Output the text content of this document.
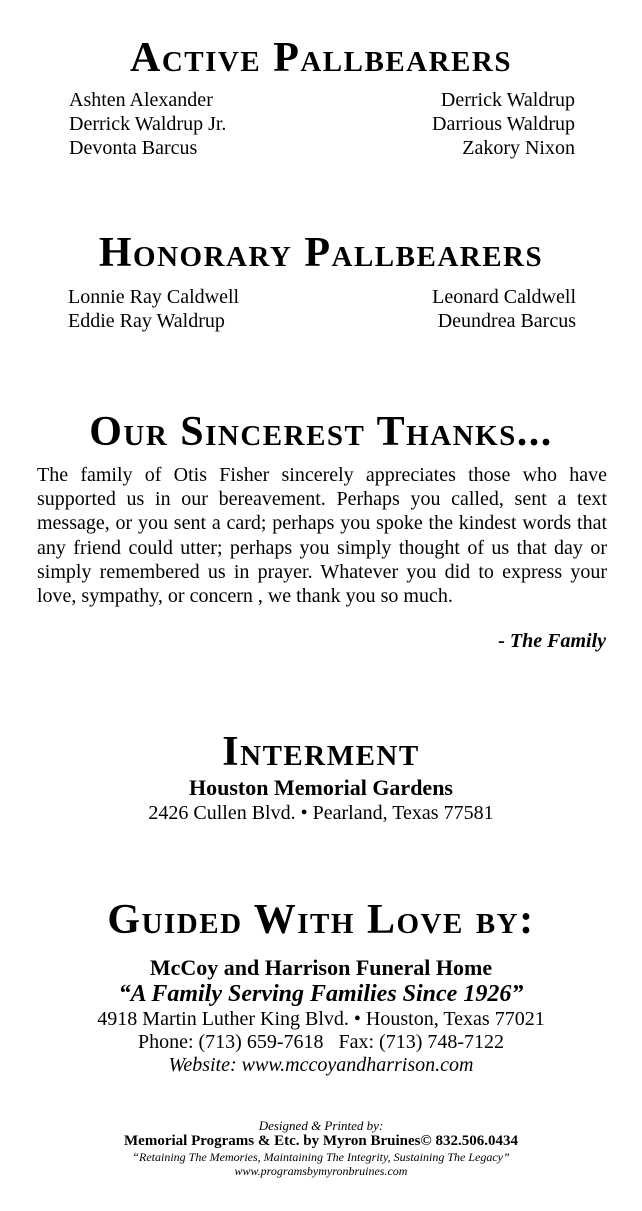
Active Pallbearers
Ashten Alexander
Derrick Waldrup Jr.
Devonta Barcus
Derrick Waldrup
Darrious Waldrup
Zakory Nixon
Honorary Pallbearers
Lonnie Ray Caldwell
Eddie Ray Waldrup
Leonard Caldwell
Deundrea Barcus
Our Sincerest Thanks...

The family of Otis Fisher sincerely appreciates those who have supported us in our bereavement. Perhaps you called, sent a text message, or you sent a card; perhaps you spoke the kindest words that any friend could utter; perhaps you simply thought of us that day or simply remembered us in prayer. Whatever you did to express your love, sympathy, or concern , we thank you so much.

- The Family
Interment

Houston Memorial Gardens

2426 Cullen Blvd. • Pearland, Texas 77581

Guided With Love by:

McCoy and Harrison Funeral Home

“A Family Serving Families Since 1926”

4918 Martin Luther King Blvd. • Houston, Texas 77021

Phone: (713) 659-7618   Fax: (713) 748-7122

Website: www.mccoyandharrison.com

Designed & Printed by:

Memorial Programs & Etc. by Myron Bruines© 832.506.0434

“Retaining The Memories, Maintaining The Integrity, Sustaining The Legacy”

www.programsbymyronbruines.com
